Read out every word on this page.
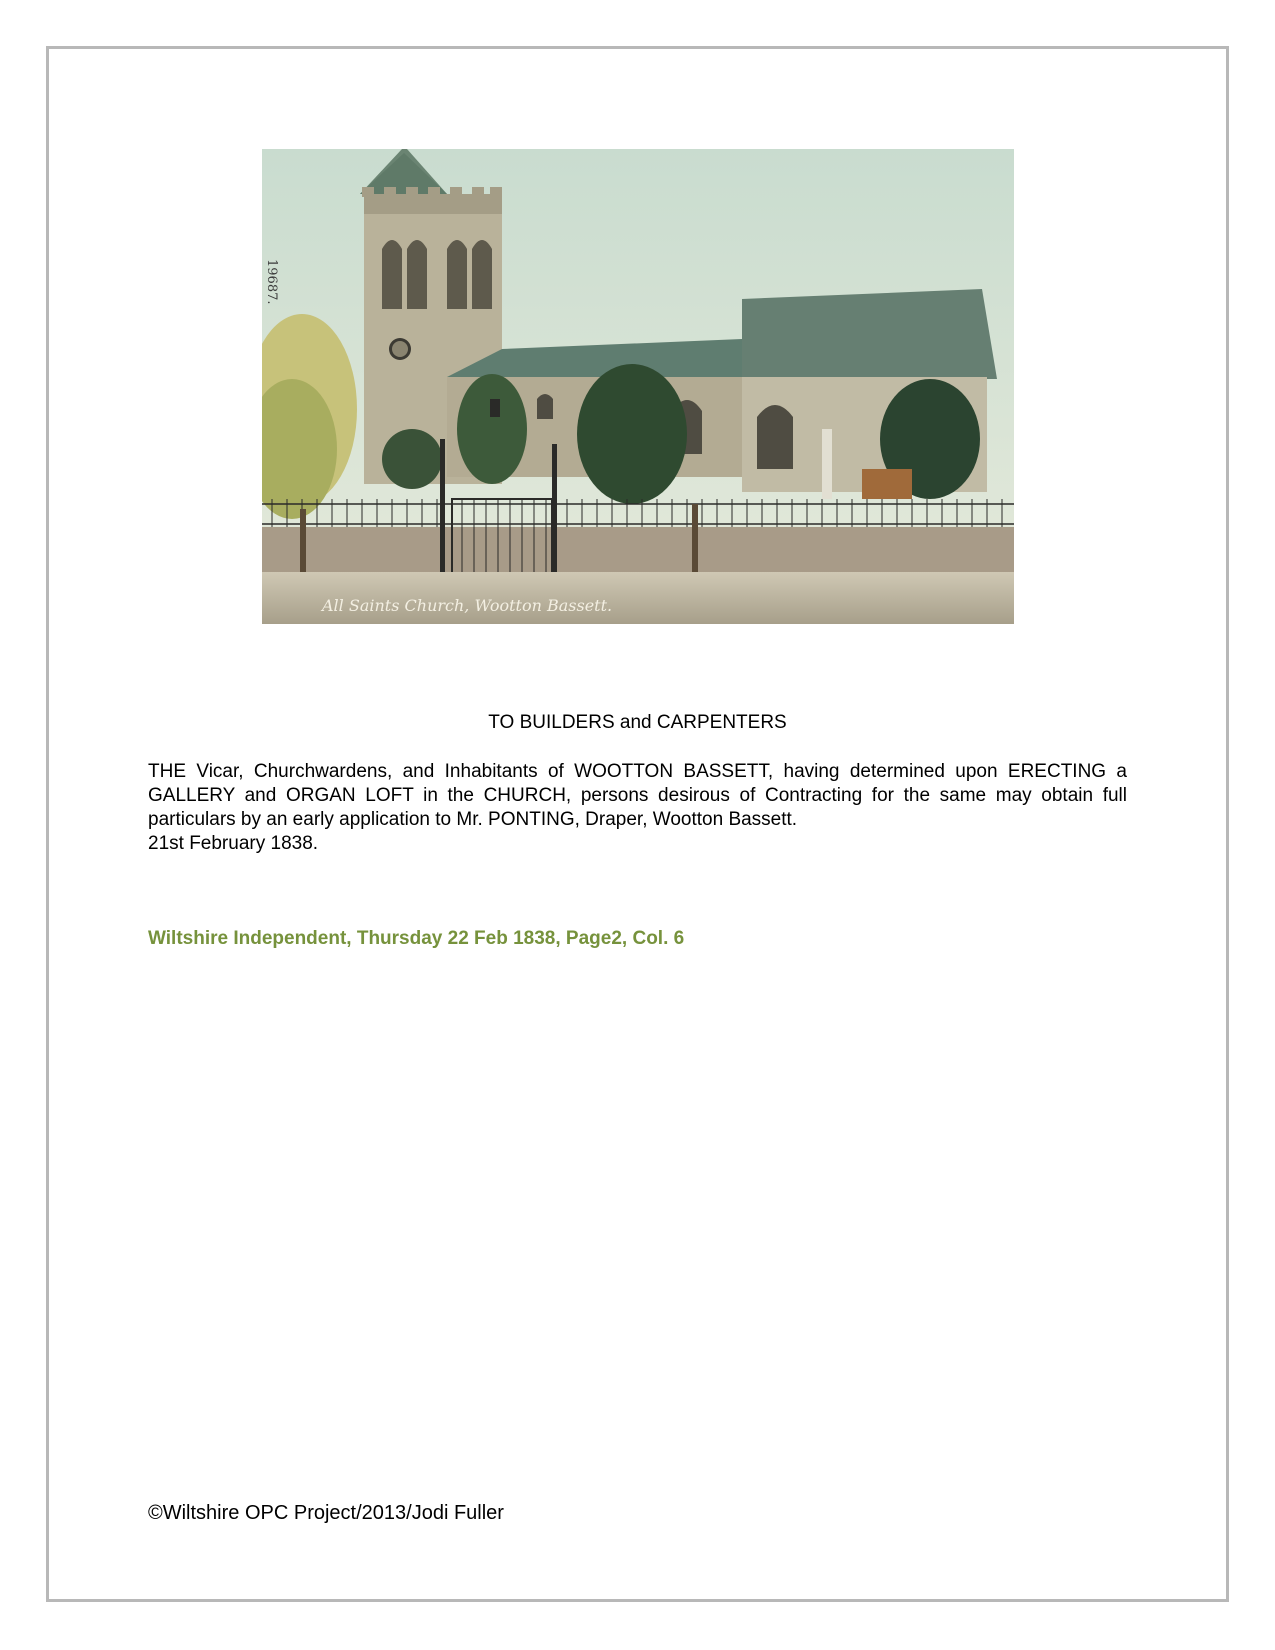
All Saints Church, Wootton Bassett.
19687.
TO BUILDERS and CARPENTERS
THE Vicar, Churchwardens, and Inhabitants of WOOTTON BASSETT, having determined upon ERECTING a GALLERY and ORGAN LOFT in the CHURCH, persons desirous of Contracting for the same may obtain full particulars by an early application to Mr. PONTING, Draper, Wootton Bassett.
21st February 1838.
Wiltshire Independent, Thursday 22 Feb 1838, Page2, Col. 6
©Wiltshire OPC Project/2013/Jodi Fuller
